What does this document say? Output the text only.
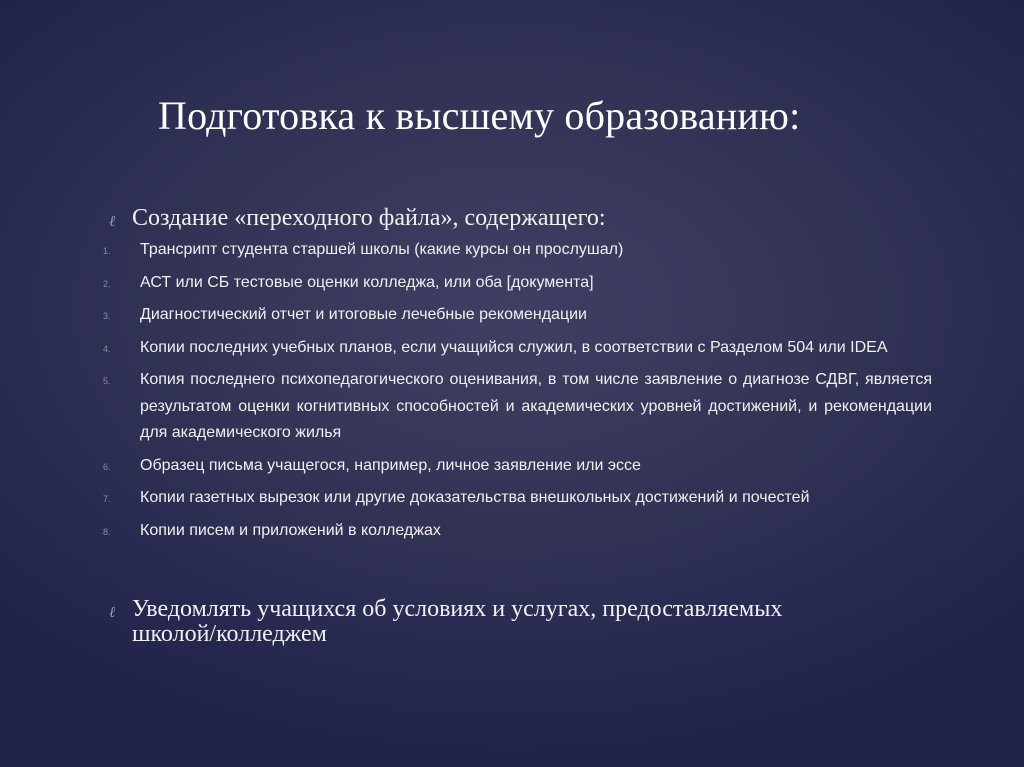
Подготовка к высшему образованию:
ℓ Создание «переходного файла», содержащего:
1. Трансрипт студента старшей школы (какие курсы он прослушал)
2. АСТ или СБ тестовые оценки колледжа, или оба [документа]
3. Диагностический отчет и итоговые лечебные рекомендации
4. Копии последних учебных планов, если учащийся служил, в соответствии с Разделом 504 или IDEA
5. Копия последнего психопедагогического оценивания, в том числе заявление о диагнозе СДВГ, является результатом оценки когнитивных способностей и академических уровней достижений, и рекомендации для академического жилья
6. Образец письма учащегося, например, личное заявление или эссе
7. Копии газетных вырезок или другие доказательства внешкольных достижений и почестей
8. Копии писем и приложений в колледжах
ℓ Уведомлять учащихся об условиях и услугах, предоставляемых школой/колледжем
